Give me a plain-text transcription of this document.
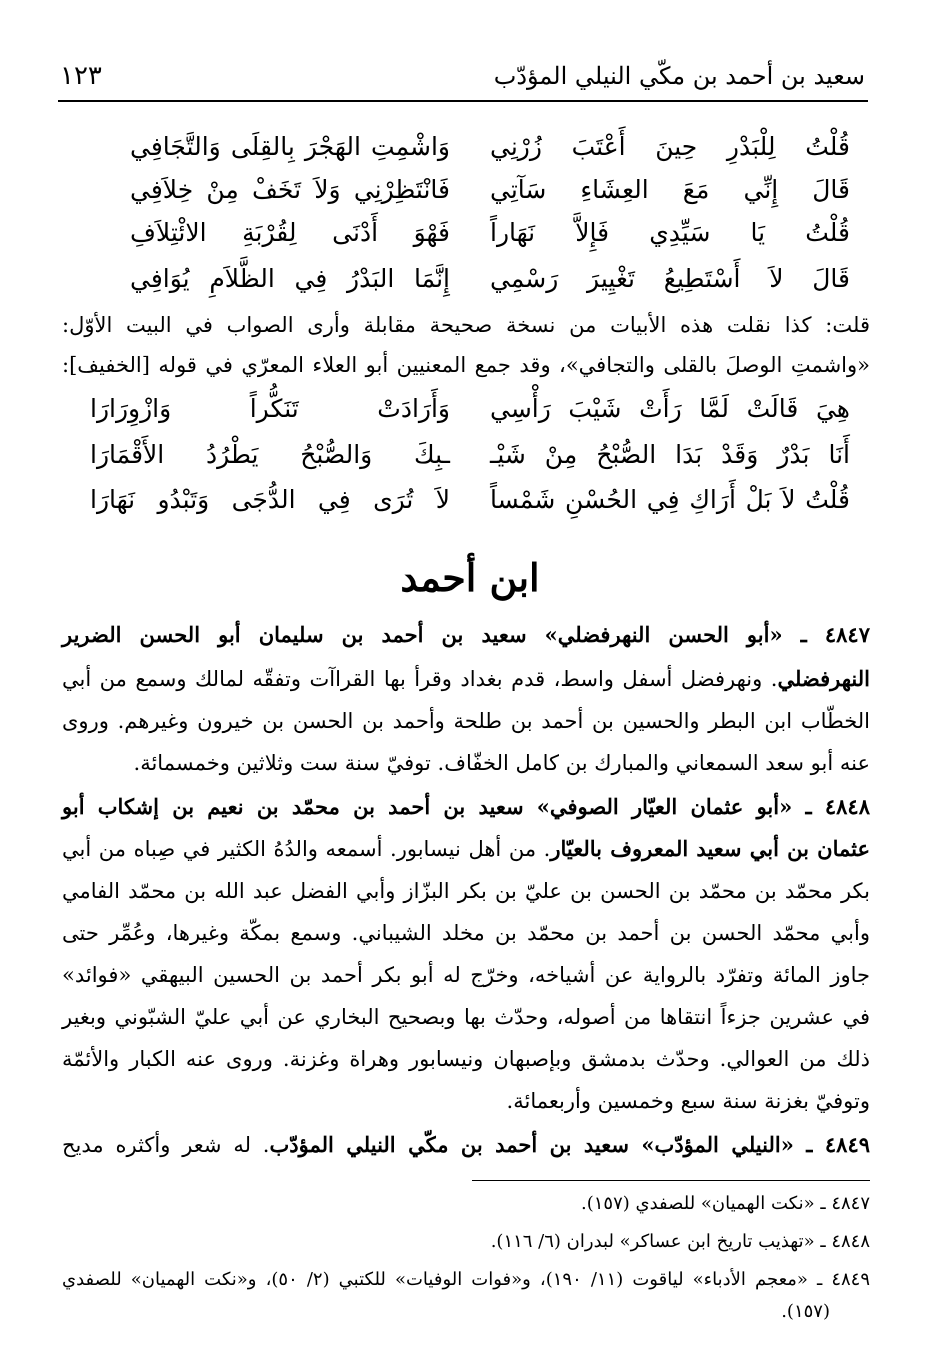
سعيد بن أحمد بن مكّي النيلي المؤدّب
١٢٣
قُلْتُ لِلْبَدْرِ حِينَ أَعْتَبَ زُرْنِي
وَاشْمِتِ الهَجْرَ بِالقِلَى وَالتَّجَافِي
قَالَ إِنِّي مَعَ العِشَاءِ سَآتِي
فَانْتَظِرْنِي وَلاَ تَخَفْ مِنْ خِلاَفِي
قُلْتُ يَا سَيِّدِي فَإِلاَّ نَهَاراً
فَهْوَ أَدْنَى لِقُرْبَةِ الائْتِلاَفِ
قَالَ لاَ أَسْتَطِيعُ تَغْيِيرَ رَسْمِي
إِنَّمَا البَدْرُ فِي الظَّلاَمِ يُوَافِي
قلت: كذا نقلت هذه الأبيات من نسخة صحيحة مقابلة وأرى الصواب في البيت الأوّل:
«واشمتِ الوصلَ بالقلى والتجافي»، وقد جمع المعنيين أبو العلاء المعرّي في قوله [الخفيف]:
هِيَ قَالَتْ لَمَّا رَأَتْ شَيْبَ رَأْسِي
وَأَرَادَتْ تَنَكُّراً وَازْوِرَارَا
أَنَا بَدْرٌ وَقَدْ بَدَا الصُّبْحُ مِنْ شَيْـ
ـبِكَ وَالصُّبْحُ يَطْرُدُ الأَقْمَارَا
قُلْتُ لاَ بَلْ أَرَاكِ فِي الحُسْنِ شَمْساً
لاَ تُرَى فِي الدُّجَى وَتَبْدُو نَهَارَا
ابن أحمد
٤٨٤٧ ـ «أبو الحسن النهرفضلي» سعيد بن أحمد بن سليمان أبو الحسن الضرير
النهرفضلي. ونهرفضل أسفل واسط، قدم بغداد وقرأ بها القراآت وتفقّه لمالك وسمع من أبي
الخطّاب ابن البطر والحسين بن أحمد بن طلحة وأحمد بن الحسن بن خيرون وغيرهم. وروى
عنه أبو سعد السمعاني والمبارك بن كامل الخفّاف. توفيّ سنة ست وثلاثين وخمسمائة.
٤٨٤٨ ـ «أبو عثمان العيّار الصوفي» سعيد بن أحمد بن محمّد بن نعيم بن إشكاب أبو
عثمان بن أبي سعيد المعروف بالعيّار. من أهل نيسابور. أسمعه والدُهُ الكثير في صِباه من أبي
بكر محمّد بن محمّد بن الحسن بن عليّ بن بكر البزّاز وأبي الفضل عبد الله بن محمّد الفامي
وأبي محمّد الحسن بن أحمد بن محمّد بن مخلد الشيباني. وسمع بمكّة وغيرها، وعُمِّر حتى
جاوز المائة وتفرّد بالرواية عن أشياخه، وخرّج له أبو بكر أحمد بن الحسين البيهقي «فوائد»
في عشرين جزءاً انتقاها من أصوله، وحدّث بها وبصحيح البخاري عن أبي عليّ الشبّوني وبغير
ذلك من العوالي. وحدّث بدمشق وبإصبهان ونيسابور وهراة وغزنة. وروى عنه الكبار والأئمّة
وتوفيّ بغزنة سنة سبع وخمسين وأربعمائة.
٤٨٤٩ ـ «النيلي المؤدّب» سعيد بن أحمد بن مكّي النيلي المؤدّب. له شعر وأكثره مديح
٤٨٤٧ ـ «نكت الهميان» للصفدي (١٥٧).
٤٨٤٨ ـ «تهذيب تاريخ ابن عساكر» لبدران (٦/ ١١٦).
٤٨٤٩ ـ «معجم الأدباء» لياقوت (١١/ ١٩٠)، و«فوات الوفيات» للكتبي (٢/ ٥٠)، و«نكت الهميان» للصفدي
(١٥٧).
